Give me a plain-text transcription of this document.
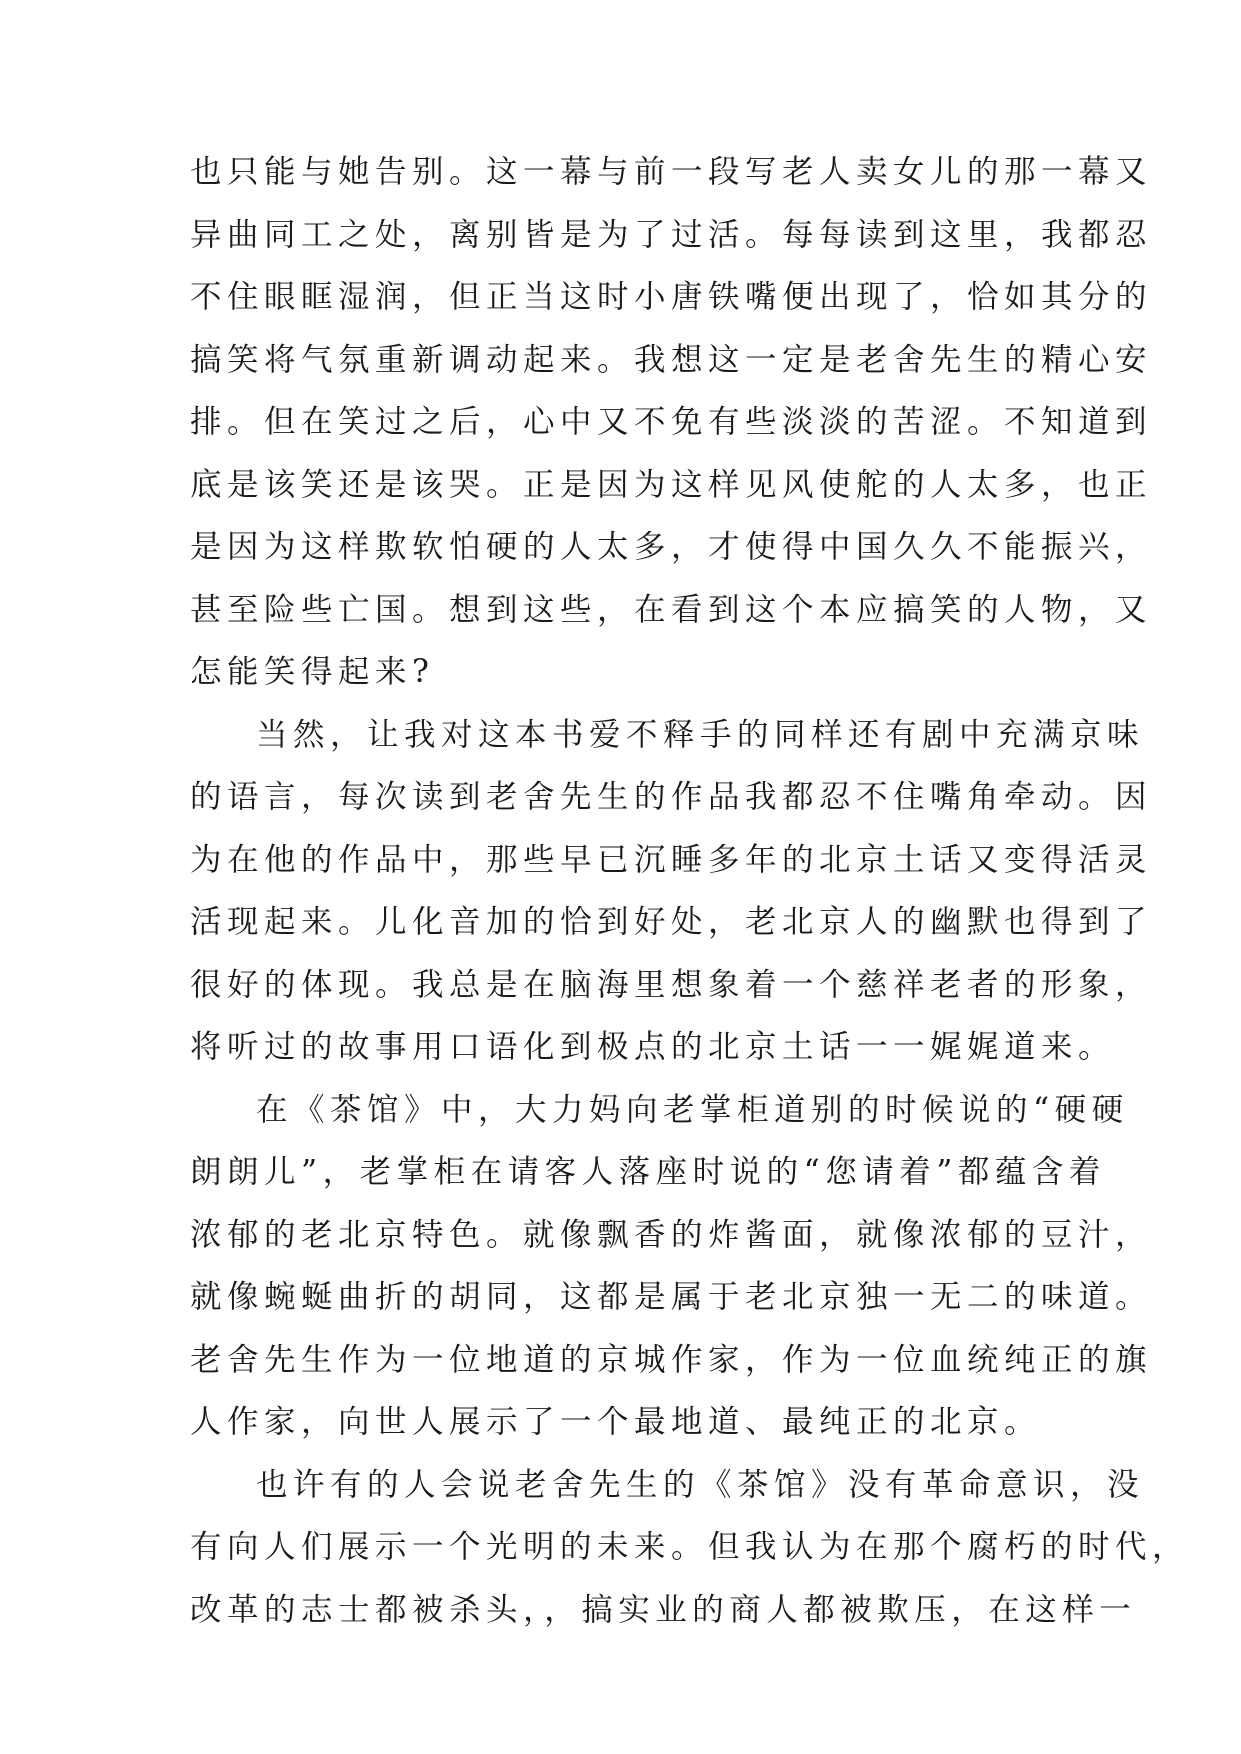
也只能与她告别。这一幕与前一段写老人卖女儿的那一幕又
异曲同工之处，离别皆是为了过活。每每读到这里，我都忍
不住眼眶湿润，但正当这时小唐铁嘴便出现了，恰如其分的
搞笑将气氛重新调动起来。我想这一定是老舍先生的精心安
排。但在笑过之后，心中又不免有些淡淡的苦涩。不知道到
底是该笑还是该哭。正是因为这样见风使舵的人太多，也正
是因为这样欺软怕硬的人太多，才使得中国久久不能振兴，
甚至险些亡国。想到这些，在看到这个本应搞笑的人物，又
怎能笑得起来?
当然，让我对这本书爱不释手的同样还有剧中充满京味
的语言，每次读到老舍先生的作品我都忍不住嘴角牵动。因
为在他的作品中，那些早已沉睡多年的北京土话又变得活灵
活现起来。儿化音加的恰到好处，老北京人的幽默也得到了
很好的体现。我总是在脑海里想象着一个慈祥老者的形象，
将听过的故事用口语化到极点的北京土话一一娓娓道来。
在《茶馆》中，大力妈向老掌柜道别的时候说的“硬硬
朗朗儿”，老掌柜在请客人落座时说的“您请着”都蕴含着
浓郁的老北京特色。就像飘香的炸酱面，就像浓郁的豆汁，
就像蜿蜒曲折的胡同，这都是属于老北京独一无二的味道。
老舍先生作为一位地道的京城作家，作为一位血统纯正的旗
人作家，向世人展示了一个最地道、最纯正的北京。
也许有的人会说老舍先生的《茶馆》没有革命意识，没
有向人们展示一个光明的未来。但我认为在那个腐朽的时代，
改革的志士都被杀头，，搞实业的商人都被欺压，在这样一
